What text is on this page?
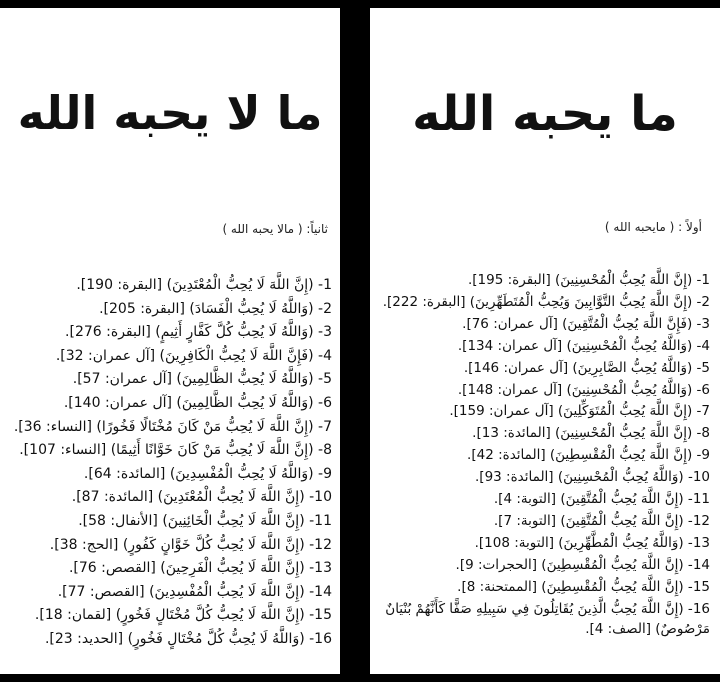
ما لا يحبه الله
ثانياً: ( مالا يحبه الله )
1- (إِنَّ اللَّهَ لَا يُحِبُّ الْمُعْتَدِينَ) [البقرة: 190].
2- (وَاللَّهُ لَا يُحِبُّ الْفَسَادَ) [البقرة: 205].
3- (وَاللَّهُ لَا يُحِبُّ كُلَّ كَفَّارٍ أَثِيمٍ) [البقرة: 276].
4- (فَإِنَّ اللَّهَ لَا يُحِبُّ الْكَافِرِينَ) [آل عمران: 32].
5- (وَاللَّهُ لَا يُحِبُّ الظَّالِمِينَ) [آل عمران: 57].
6- (وَاللَّهُ لَا يُحِبُّ الظَّالِمِينَ) [آل عمران: 140].
7- (إِنَّ اللَّهَ لَا يُحِبُّ مَنْ كَانَ مُخْتَالًا فَخُورًا) [النساء: 36].
8- (إِنَّ اللَّهَ لَا يُحِبُّ مَنْ كَانَ خَوَّانًا أَثِيمًا) [النساء: 107].
9- (وَاللَّهُ لَا يُحِبُّ الْمُفْسِدِينَ) [المائدة: 64].
10- (إِنَّ اللَّهَ لَا يُحِبُّ الْمُعْتَدِينَ) [المائدة: 87].
11- (إِنَّ اللَّهَ لَا يُحِبُّ الْخَائِنِينَ) [الأنفال: 58].
12- (إِنَّ اللَّهَ لَا يُحِبُّ كُلَّ خَوَّانٍ كَفُورٍ) [الحج: 38].
13- (إِنَّ اللَّهَ لَا يُحِبُّ الْفَرِحِينَ) [القصص: 76].
14- (إِنَّ اللَّهَ لَا يُحِبُّ الْمُفْسِدِينَ) [القصص: 77].
15- (إِنَّ اللَّهَ لَا يُحِبُّ كُلَّ مُخْتَالٍ فَخُورٍ) [لقمان: 18].
16- (وَاللَّهُ لَا يُحِبُّ كُلَّ مُخْتَالٍ فَخُورٍ) [الحديد: 23].
ما يحبه الله
أولاً : ( مايحبه الله )
1- (إِنَّ اللَّهَ يُحِبُّ الْمُحْسِنِينَ) [البقرة: 195].
2- (إِنَّ اللَّهَ يُحِبُّ التَّوَّابِينَ وَيُحِبُّ الْمُتَطَهِّرِينَ) [البقرة: 222].
3- (فَإِنَّ اللَّهَ يُحِبُّ الْمُتَّقِينَ) [آل عمران: 76].
4- (وَاللَّهُ يُحِبُّ الْمُحْسِنِينَ) [آل عمران: 134].
5- (وَاللَّهُ يُحِبُّ الصَّابِرِينَ) [آل عمران: 146].
6- (وَاللَّهُ يُحِبُّ الْمُحْسِنِينَ) [آل عمران: 148].
7- (إِنَّ اللَّهَ يُحِبُّ الْمُتَوَكِّلِينَ) [آل عمران: 159].
8- (إِنَّ اللَّهَ يُحِبُّ الْمُحْسِنِينَ) [المائدة: 13].
9- (إِنَّ اللَّهَ يُحِبُّ الْمُقْسِطِينَ) [المائدة: 42].
10- (وَاللَّهُ يُحِبُّ الْمُحْسِنِينَ) [المائدة: 93].
11- (إِنَّ اللَّهَ يُحِبُّ الْمُتَّقِينَ) [التوبة: 4].
12- (إِنَّ اللَّهَ يُحِبُّ الْمُتَّقِينَ) [التوبة: 7].
13- (وَاللَّهُ يُحِبُّ الْمُطَّهِّرِينَ) [التوبة: 108].
14- (إِنَّ اللَّهَ يُحِبُّ الْمُقْسِطِينَ) [الحجرات: 9].
15- (إِنَّ اللَّهَ يُحِبُّ الْمُقْسِطِينَ) [الممتحنة: 8].
16- (إِنَّ اللَّهَ يُحِبُّ الَّذِينَ يُقَاتِلُونَ فِي سَبِيلِهِ صَفًّا كَأَنَّهُمْ بُنْيَانٌ مَرْصُوصٌ) [الصف: 4].
